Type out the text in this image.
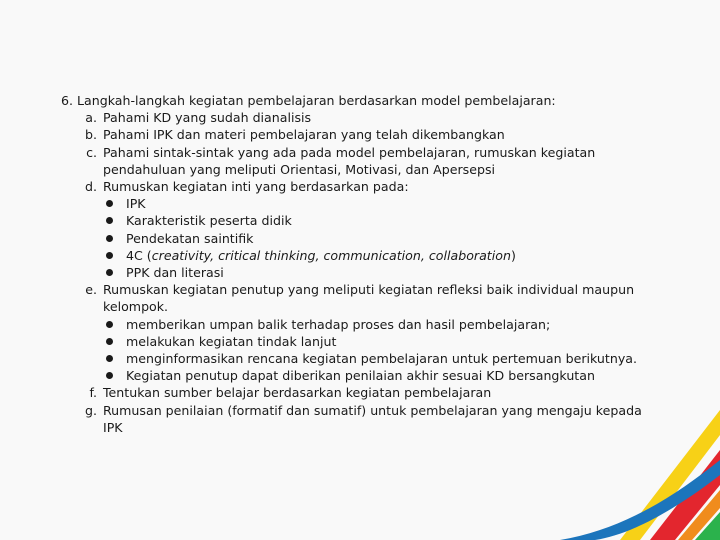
6. Langkah-langkah kegiatan pembelajaran berdasarkan model pembelajaran:
a. Pahami KD yang sudah dianalisis
b. Pahami IPK dan materi pembelajaran yang telah dikembangkan
c. Pahami sintak-sintak yang ada pada model pembelajaran, rumuskan kegiatan
pendahuluan yang meliputi Orientasi, Motivasi, dan Apersepsi
d. Rumuskan kegiatan inti yang berdasarkan pada:
IPK
Karakteristik peserta didik
Pendekatan saintifik
4C (creativity, critical thinking, communication, collaboration)
PPK dan literasi
e. Rumuskan kegiatan penutup yang meliputi kegiatan refleksi baik individual maupun
kelompok.
memberikan umpan balik terhadap proses dan hasil pembelajaran;
melakukan kegiatan tindak lanjut
menginformasikan rencana kegiatan pembelajaran untuk pertemuan berikutnya.
Kegiatan penutup dapat diberikan penilaian akhir sesuai KD bersangkutan
f. Tentukan sumber belajar berdasarkan kegiatan pembelajaran
g. Rumusan penilaian (formatif dan sumatif) untuk pembelajaran yang mengaju kepada
IPK
